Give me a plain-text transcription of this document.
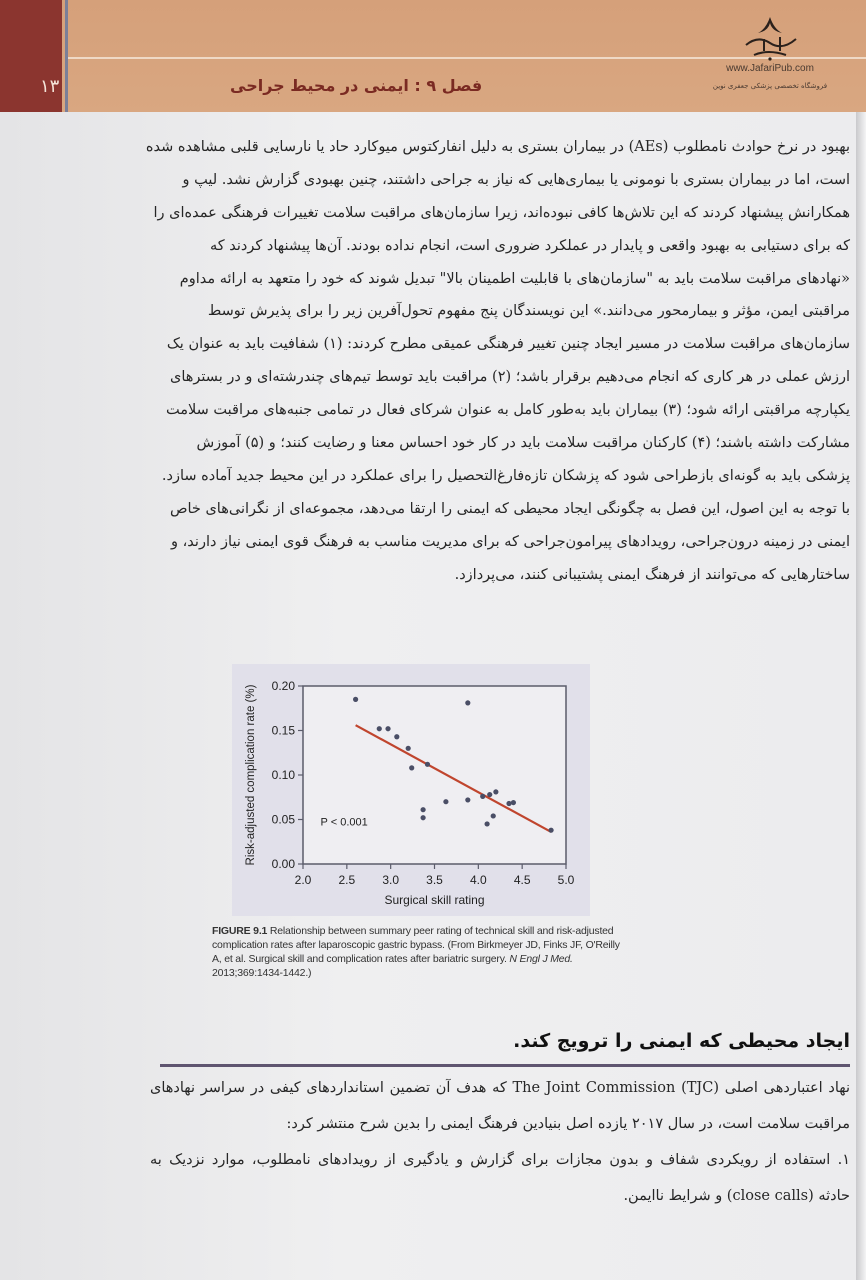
۱۳	فصل ۹ : ایمنی در محیط جراحی
www.JafariPub.com
فروشگاه تخصصی پزشکی جعفری نوین
بهبود در نرخ حوادث نامطلوب (AEs) در بیماران بستری به دلیل انفارکتوس میوکارد حاد یا نارسایی قلبی مشاهده شده
است، اما در بیماران بستری با نومونی یا بیماری‌هایی که نیاز به جراحی داشتند، چنین بهبودی گزارش نشد. لیپ و
همکارانش پیشنهاد کردند که این تلاش‌ها کافی نبوده‌اند، زیرا سازمان‌های مراقبت سلامت تغییرات فرهنگی عمده‌ای را
که برای دستیابی به بهبود واقعی و پایدار در عملکرد ضروری است، انجام نداده بودند. آن‌ها پیشنهاد کردند که
«نهادهای مراقبت سلامت باید به "سازمان‌های با قابلیت اطمینان بالا" تبدیل شوند که خود را متعهد به ارائه مداوم
مراقبتی ایمن، مؤثر و بیمارمحور می‌دانند.» این نویسندگان پنج مفهوم تحول‌آفرین زیر را برای پذیرش توسط
سازمان‌های مراقبت سلامت در مسیر ایجاد چنین تغییر فرهنگی عمیقی مطرح کردند: (۱) شفافیت باید به عنوان یک
ارزش عملی در هر کاری که انجام می‌دهیم برقرار باشد؛ (۲) مراقبت باید توسط تیم‌های چندرشته‌ای و در بسترهای
یکپارچه مراقبتی ارائه شود؛ (۳) بیماران باید به‌طور کامل به عنوان شرکای فعال در تمامی جنبه‌های مراقبت سلامت
مشارکت داشته باشند؛ (۴) کارکنان مراقبت سلامت باید در کار خود احساس معنا و رضایت کنند؛ و (۵) آموزش
پزشکی باید به گونه‌ای بازطراحی شود که پزشکان تازه‌فارغ‌التحصیل را برای عملکرد در این محیط جدید آماده سازد.
با توجه به این اصول، این فصل به چگونگی ایجاد محیطی که ایمنی را ارتقا می‌دهد، مجموعه‌ای از نگرانی‌های خاص
ایمنی در زمینه درون‌جراحی، رویدادهای پیرامون‌جراحی که برای مدیریت مناسب به فرهنگ قوی ایمنی نیاز دارند، و
ساختارهایی که می‌توانند از فرهنگ ایمنی پشتیبانی کنند، می‌پردازد.
2.0 2.5 3.0 3.5 4.0 4.5 5.0
0.00
0.05
0.10
0.15
0.20
P < 0.001
Surgical skill rating
Risk-adjusted complication rate (%)
FIGURE 9.1 Relationship between summary peer rating of technical skill and risk-adjusted complication rates after laparoscopic gastric bypass. (From Birkmeyer JD, Finks JF, O'Reilly A, et al. Surgical skill and complication rates after bariatric surgery. N Engl J Med. 2013;369:1434-1442.)
ایجاد محیطی که ایمنی را ترویج کند.
نهاد اعتباردهی اصلی (The Joint Commission (TJC که هدف آن تضمین استانداردهای کیفی در سراسر نهادهای
مراقبت سلامت است، در سال ۲۰۱۷ یازده اصل بنیادین فرهنگ ایمنی را بدین شرح منتشر کرد:
۱. استفاده از رویکردی شفاف و بدون مجازات برای گزارش و یادگیری از رویدادهای نامطلوب، موارد نزدیک به
حادثه (close calls) و شرایط ناایمن.
